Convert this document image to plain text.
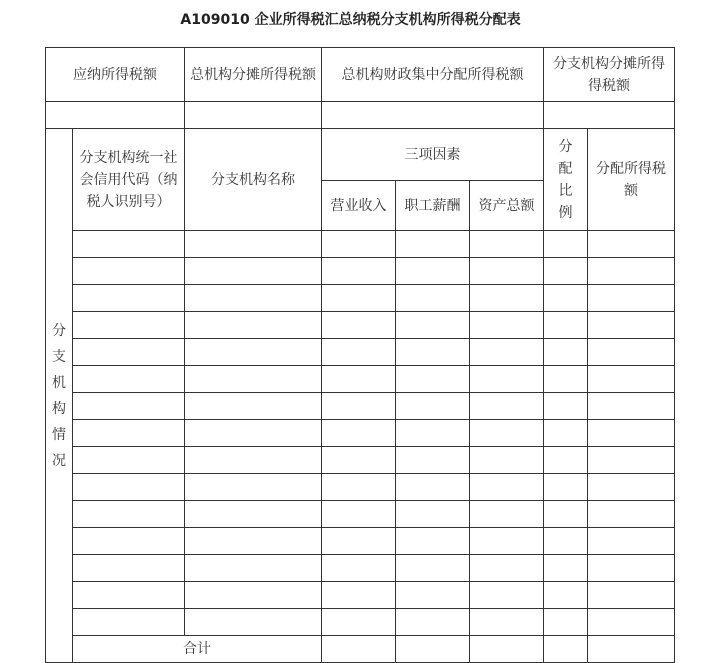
A109010 企业所得税汇总纳税分支机构所得税分配表
应纳所得税额		总机构分摊所得税额	总机构财政集中分配所得税额			分支机构分摊所得得税额	

分支机构情况	分支机构统一社会信用代码（纳税人识别号）	分支机构名称	三项因素			分配比例	分配所得税额

			营业收入	职工薪酬	资产总额		

	合计						
